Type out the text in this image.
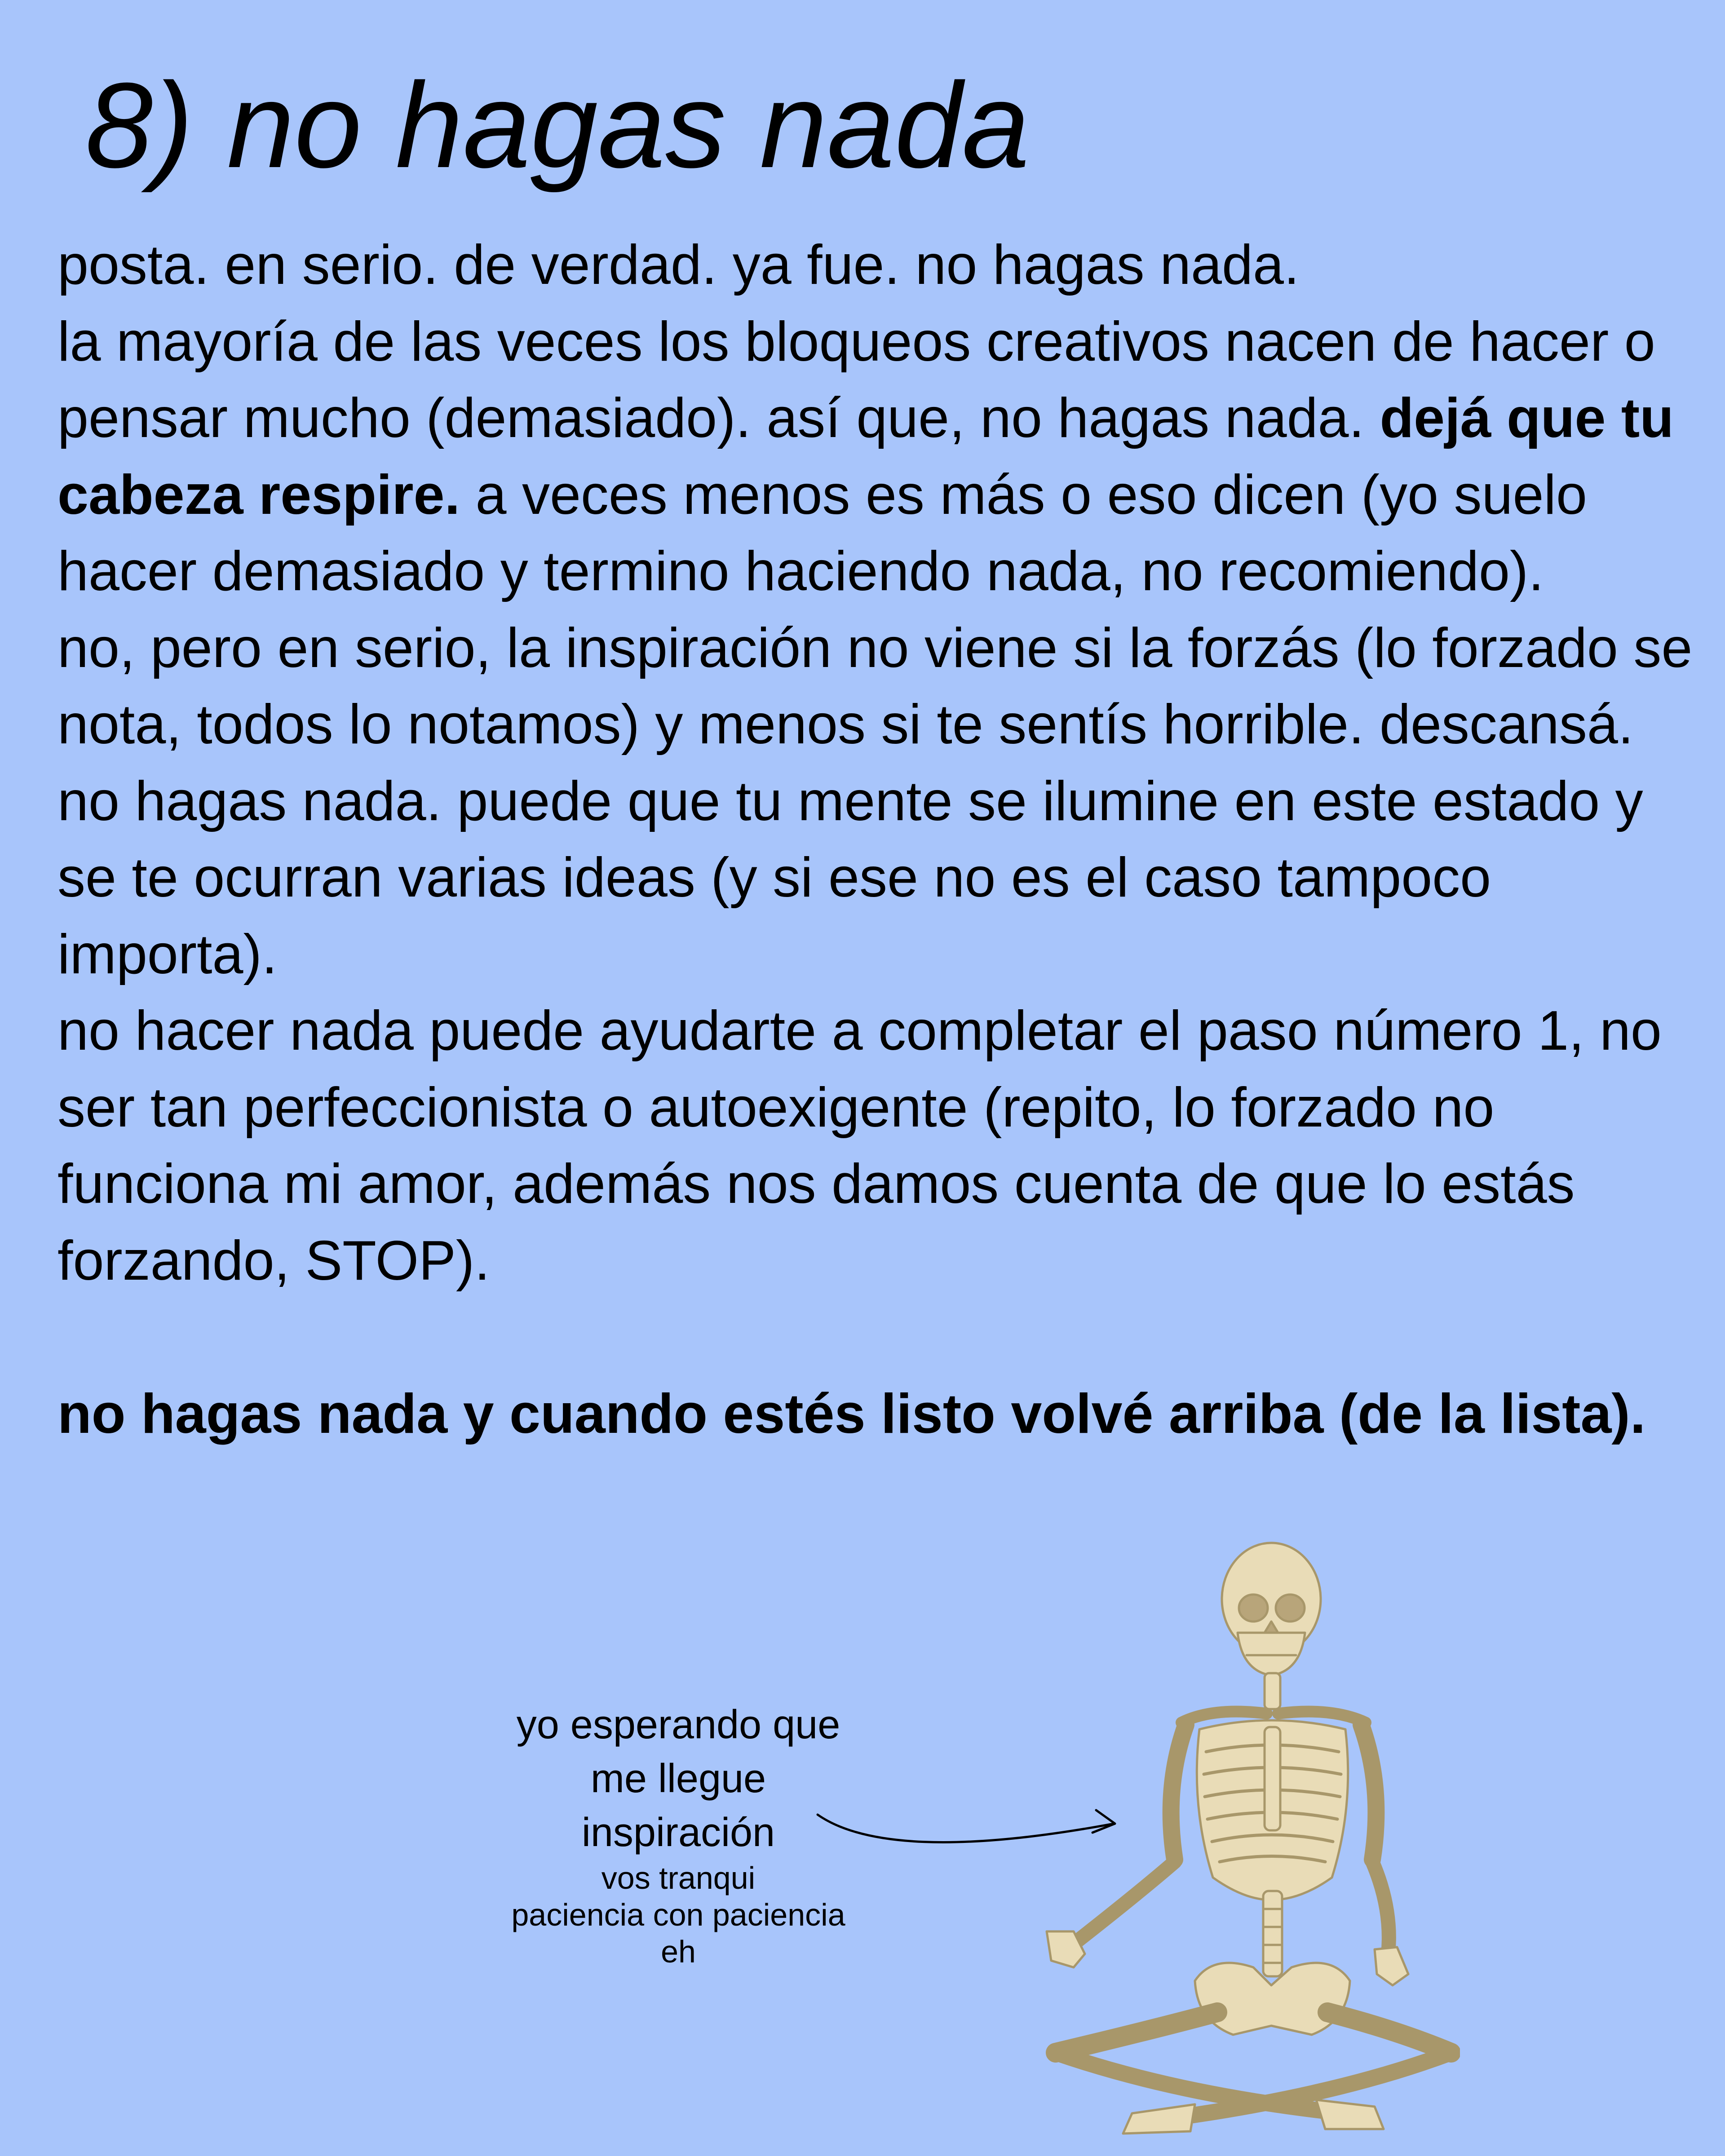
8) no hagas nada

posta. en serio. de verdad. ya fue. no hagas nada.

la mayoría de las veces los bloqueos creativos nacen de hacer o pensar mucho (demasiado). así que, no hagas nada. dejá que tu cabeza respire. a veces menos es más o eso dicen (yo suelo hacer demasiado y termino haciendo nada, no recomiendo).

no, pero en serio, la inspiración no viene si la forzás (lo forzado se nota, todos lo notamos) y menos si te sentís horrible. descansá. no hagas nada. puede que tu mente se ilumine en este estado y se te ocurran varias ideas (y si ese no es el caso tampoco importa).

no hacer nada puede ayudarte a completar el paso número 1, no ser tan perfeccionista o autoexigente (repito, lo forzado no funciona mi amor, además nos damos cuenta de que lo estás forzando, STOP).

no hagas nada y cuando estés listo volvé arriba (de la lista).

yo esperando que
me llegue
inspiración
vos tranqui
paciencia con paciencia
eh
